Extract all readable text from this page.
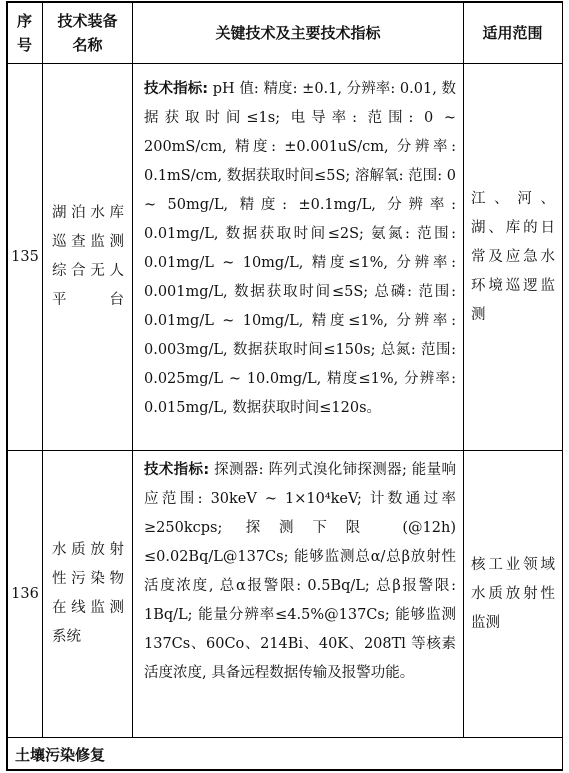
序号
技术装备名称
关键技术及主要技术指标	适用范围
135
湖泊水库巡查监测综合无人平台
技术指标: pH 值: 精度: ±0.1, 分辨率: 0.01, 数据获取时间≤1s; 电导率: 范围: 0 ~ 200mS/cm, 精度: ±0.001uS/cm, 分辨率: 0.1mS/cm, 数据获取时间≤5S; 溶解氧: 范围: 0 ~ 50mg/L, 精度: ±0.1mg/L, 分辨率: 0.01mg/L, 数据获取时间≤2S; 氨氮: 范围: 0.01mg/L ~ 10mg/L, 精度≤1%, 分辨率: 0.001mg/L, 数据获取时间≤5S; 总磷: 范围: 0.01mg/L ~ 10mg/L, 精度≤1%, 分辨率: 0.003mg/L, 数据获取时间≤150s; 总氮: 范围: 0.025mg/L ~ 10.0mg/L, 精度≤1%, 分辨率: 0.015mg/L, 数据获取时间≤120s。
江、河、湖、库的日常及应急水环境巡逻监测
136
水质放射性污染物在线监测系统
技术指标: 探测器: 阵列式溴化铈探测器; 能量响应范围: 30keV ~ 1×10⁴keV; 计数通过率≥250kcps; 探测下限 (@12h) ≤0.02Bq/L@137Cs; 能够监测总α/总β放射性活度浓度, 总α报警限: 0.5Bq/L; 总β报警限: 1Bq/L; 能量分辨率≤4.5%@137Cs; 能够监测 137Cs、60Co、214Bi、40K、208Tl 等核素活度浓度, 具备远程数据传输及报警功能。
核工业领域水质放射性监测
土壤污染修复
